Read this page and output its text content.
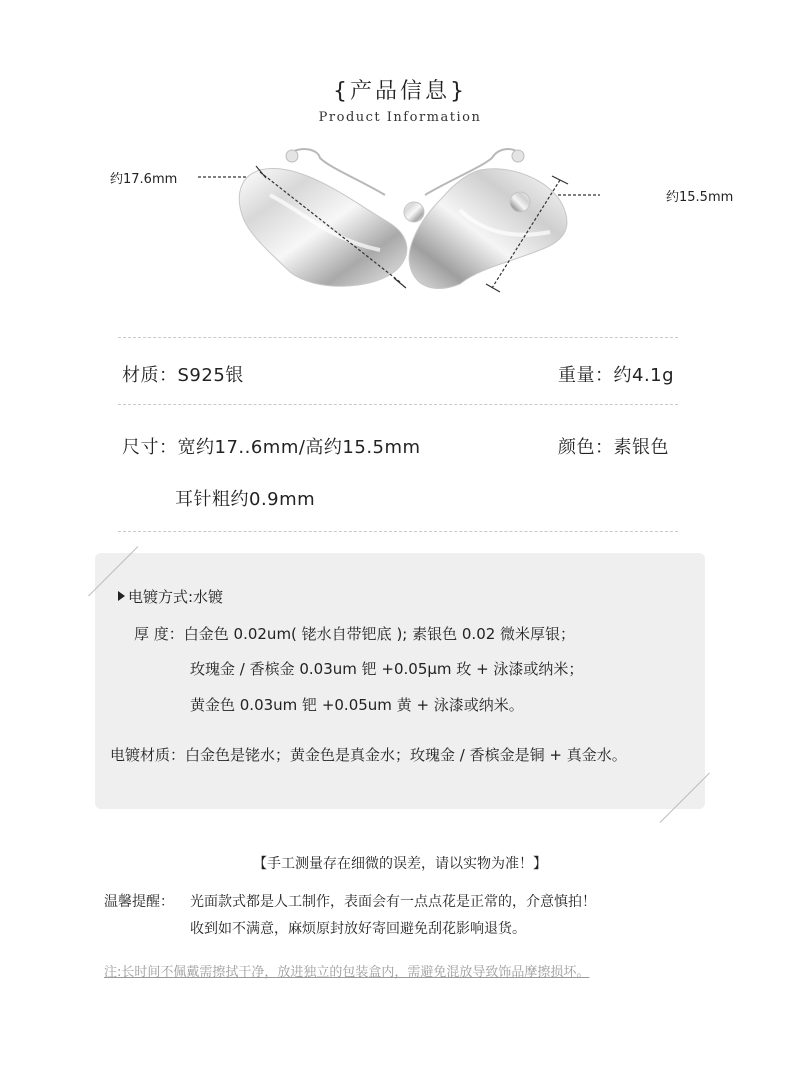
{产品信息}
Product Information
约17.6mm
约15.5mm
材质：S925银	重量：约4.1g
尺寸：宽约17..6mm/高约15.5mm	颜色：素银色
耳针粗约0.9mm
电镀方式:水镀
厚 度：白金色 0.02um( 铑水自带钯底 ); 素银色 0.02 微米厚银；
玫瑰金 / 香槟金 0.03um 钯 +0.05μm 玫 + 泳漆或纳米；
黄金色 0.03um 钯 +0.05um 黄 + 泳漆或纳米。
电镀材质：白金色是铑水；黄金色是真金水；玫瑰金 / 香槟金是铜 + 真金水。
【手工测量存在细微的误差，请以实物为准！】
温馨提醒： 光面款式都是人工制作，表面会有一点点花是正常的，介意慎拍！
收到如不满意，麻烦原封放好寄回避免刮花影响退货。
注:长时间不佩戴需擦拭干净，放进独立的包装盒内，需避免混放导致饰品摩擦损坏。
